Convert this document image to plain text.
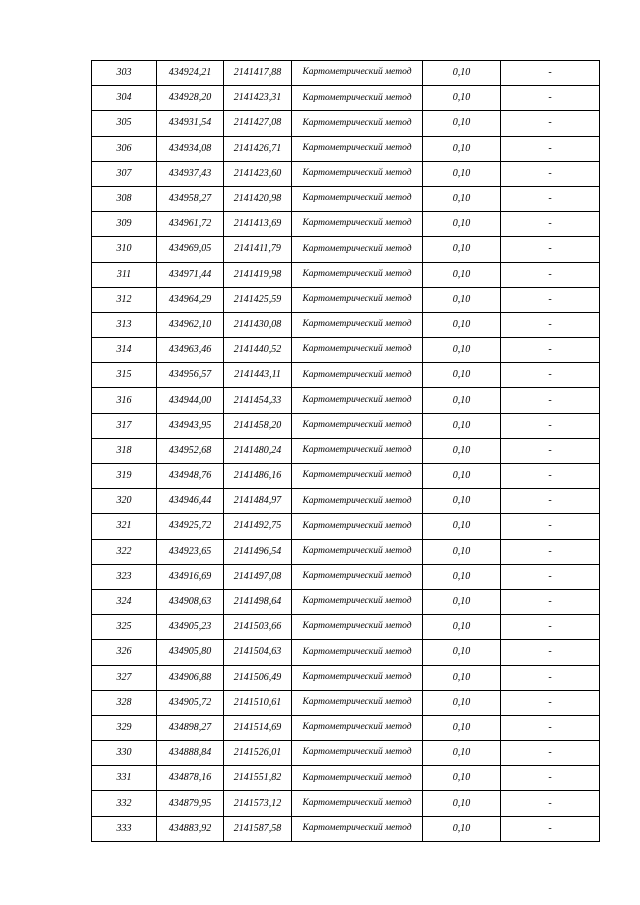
303	434924,21	2141417,88	Картометрический метод	0,10	-
304	434928,20	2141423,31	Картометрический метод	0,10	-
305	434931,54	2141427,08	Картометрический метод	0,10	-
306	434934,08	2141426,71	Картометрический метод	0,10	-
307	434937,43	2141423,60	Картометрический метод	0,10	-
308	434958,27	2141420,98	Картометрический метод	0,10	-
309	434961,72	2141413,69	Картометрический метод	0,10	-
310	434969,05	2141411,79	Картометрический метод	0,10	-
311	434971,44	2141419,98	Картометрический метод	0,10	-
312	434964,29	2141425,59	Картометрический метод	0,10	-
313	434962,10	2141430,08	Картометрический метод	0,10	-
314	434963,46	2141440,52	Картометрический метод	0,10	-
315	434956,57	2141443,11	Картометрический метод	0,10	-
316	434944,00	2141454,33	Картометрический метод	0,10	-
317	434943,95	2141458,20	Картометрический метод	0,10	-
318	434952,68	2141480,24	Картометрический метод	0,10	-
319	434948,76	2141486,16	Картометрический метод	0,10	-
320	434946,44	2141484,97	Картометрический метод	0,10	-
321	434925,72	2141492,75	Картометрический метод	0,10	-
322	434923,65	2141496,54	Картометрический метод	0,10	-
323	434916,69	2141497,08	Картометрический метод	0,10	-
324	434908,63	2141498,64	Картометрический метод	0,10	-
325	434905,23	2141503,66	Картометрический метод	0,10	-
326	434905,80	2141504,63	Картометрический метод	0,10	-
327	434906,88	2141506,49	Картометрический метод	0,10	-
328	434905,72	2141510,61	Картометрический метод	0,10	-
329	434898,27	2141514,69	Картометрический метод	0,10	-
330	434888,84	2141526,01	Картометрический метод	0,10	-
331	434878,16	2141551,82	Картометрический метод	0,10	-
332	434879,95	2141573,12	Картометрический метод	0,10	-
333	434883,92	2141587,58	Картометрический метод	0,10	-
